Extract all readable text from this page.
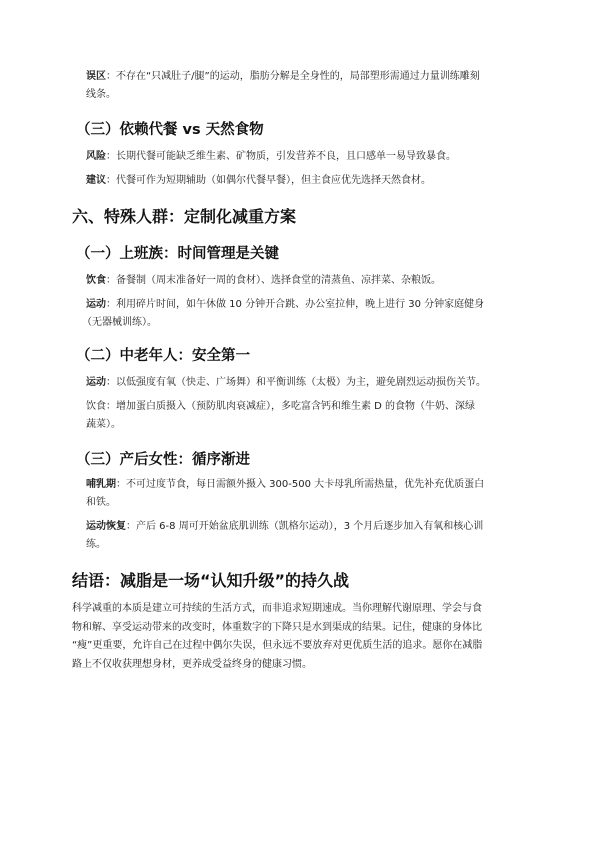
误区：不存在“只减肚子/腿”的运动，脂肪分解是全身性的，局部塑形需通过力量训练雕刻
线条。
（三）依赖代餐 vs 天然食物
风险：长期代餐可能缺乏维生素、矿物质，引发营养不良，且口感单一易导致暴食。
建议：代餐可作为短期辅助（如偶尔代餐早餐），但主食应优先选择天然食材。
六、特殊人群：定制化减重方案
（一）上班族：时间管理是关键
饮食：备餐制（周末准备好一周的食材）、选择食堂的清蒸鱼、凉拌菜、杂粮饭。
运动：利用碎片时间，如午休做 10 分钟开合跳、办公室拉伸，晚上进行 30 分钟家庭健身
（无器械训练）。
（二）中老年人：安全第一
运动：以低强度有氧（快走、广场舞）和平衡训练（太极）为主，避免剧烈运动损伤关节。
饮食：增加蛋白质摄入（预防肌肉衰减症），多吃富含钙和维生素 D 的食物（牛奶、深绿
蔬菜）。
（三）产后女性：循序渐进
哺乳期：不可过度节食，每日需额外摄入 300-500 大卡母乳所需热量，优先补充优质蛋白
和铁。
运动恢复：产后 6-8 周可开始盆底肌训练（凯格尔运动），3 个月后逐步加入有氧和核心训
练。
结语：减脂是一场“认知升级”的持久战
科学减重的本质是建立可持续的生活方式，而非追求短期速成。当你理解代谢原理、学会与食
物和解、享受运动带来的改变时，体重数字的下降只是水到渠成的结果。记住，健康的身体比
“瘦”更重要，允许自己在过程中偶尔失误，但永远不要放弃对更优质生活的追求。愿你在减脂
路上不仅收获理想身材，更养成受益终身的健康习惯。
